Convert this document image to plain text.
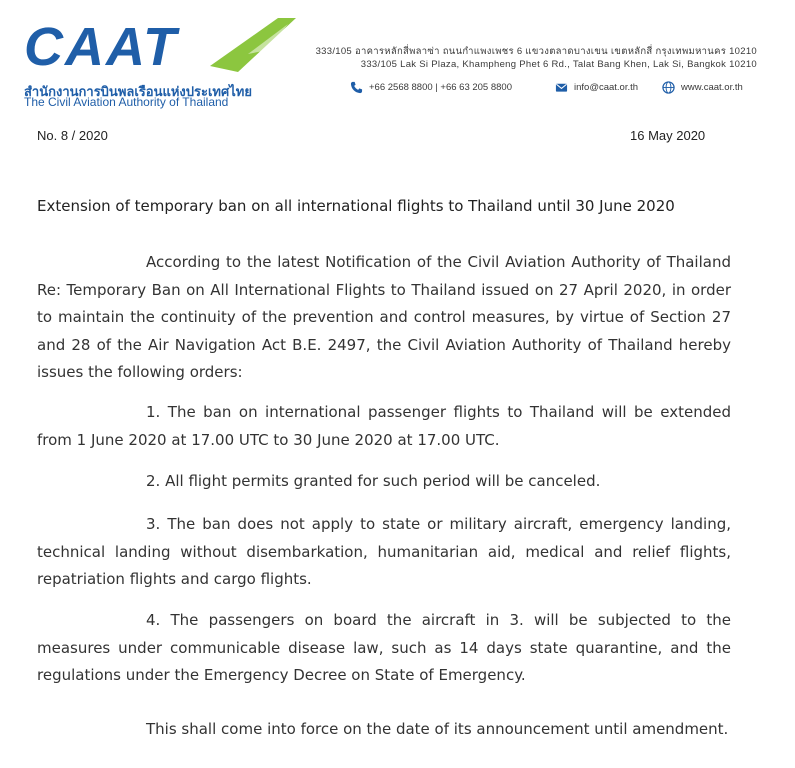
CAAT
สำนักงานการบินพลเรือนแห่งประเทศไทย
The Civil Aviation Authority of Thailand
333/105 อาคารหลักสี่พลาซ่า ถนนกำแพงเพชร 6 แขวงตลาดบางเขน เขตหลักสี่ กรุงเทพมหานคร 10210
333/105 Lak Si Plaza, Khampheng Phet 6 Rd., Talat Bang Khen, Lak Si, Bangkok 10210
+66 2568 8800 | +66 63 205 8800	info@caat.or.th	www.caat.or.th
No. 8 / 2020	16 May 2020
Extension of temporary ban on all international flights to Thailand until 30 June 2020

According to the latest Notification of the Civil Aviation Authority of Thailand Re: Temporary Ban on All International Flights to Thailand issued on 27 April 2020, in order to maintain the continuity of the prevention and control measures, by virtue of Section 27 and 28 of the Air Navigation Act B.E. 2497, the Civil Aviation Authority of Thailand hereby issues the following orders:

1. The ban on international passenger flights to Thailand will be extended from 1 June 2020 at 17.00 UTC to 30 June 2020 at 17.00 UTC.

2. All flight permits granted for such period will be canceled.

3. The ban does not apply to state or military aircraft, emergency landing, technical landing without disembarkation, humanitarian aid, medical and relief flights, repatriation flights and cargo flights.

4. The passengers on board the aircraft in 3. will be subjected to the measures under communicable disease law, such as 14 days state quarantine, and the regulations under the Emergency Decree on State of Emergency.

This shall come into force on the date of its announcement until amendment.
